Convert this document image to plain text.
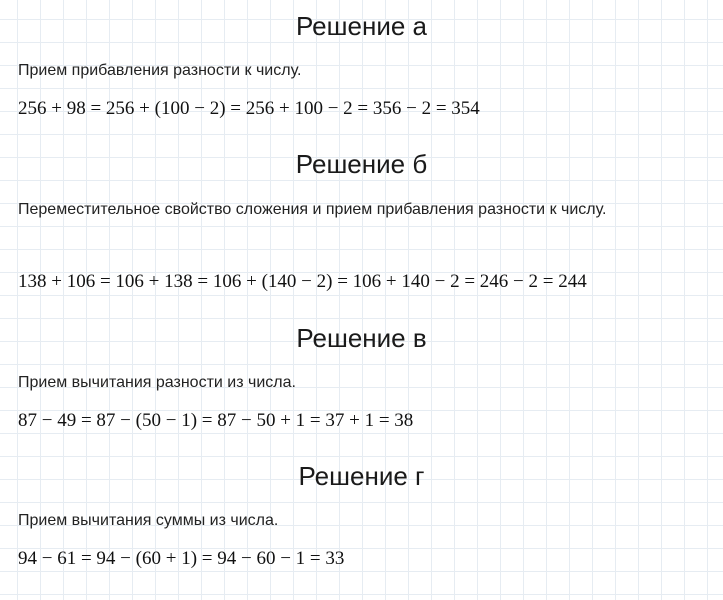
Решение а
Прием прибавления разности к числу.
256 + 98 = 256 + (100 − 2) = 256 + 100 − 2 = 356 − 2 = 354
Решение б
Переместительное свойство сложения и прием прибавления разности к числу.
138 + 106 = 106 + 138 = 106 + (140 − 2) = 106 + 140 − 2 = 246 − 2 = 244
Решение в
Прием вычитания разности из числа.
87 − 49 = 87 − (50 − 1) = 87 − 50 + 1 = 37 + 1 = 38
Решение г
Прием вычитания суммы из числа.
94 − 61 = 94 − (60 + 1) = 94 − 60 − 1 = 33
